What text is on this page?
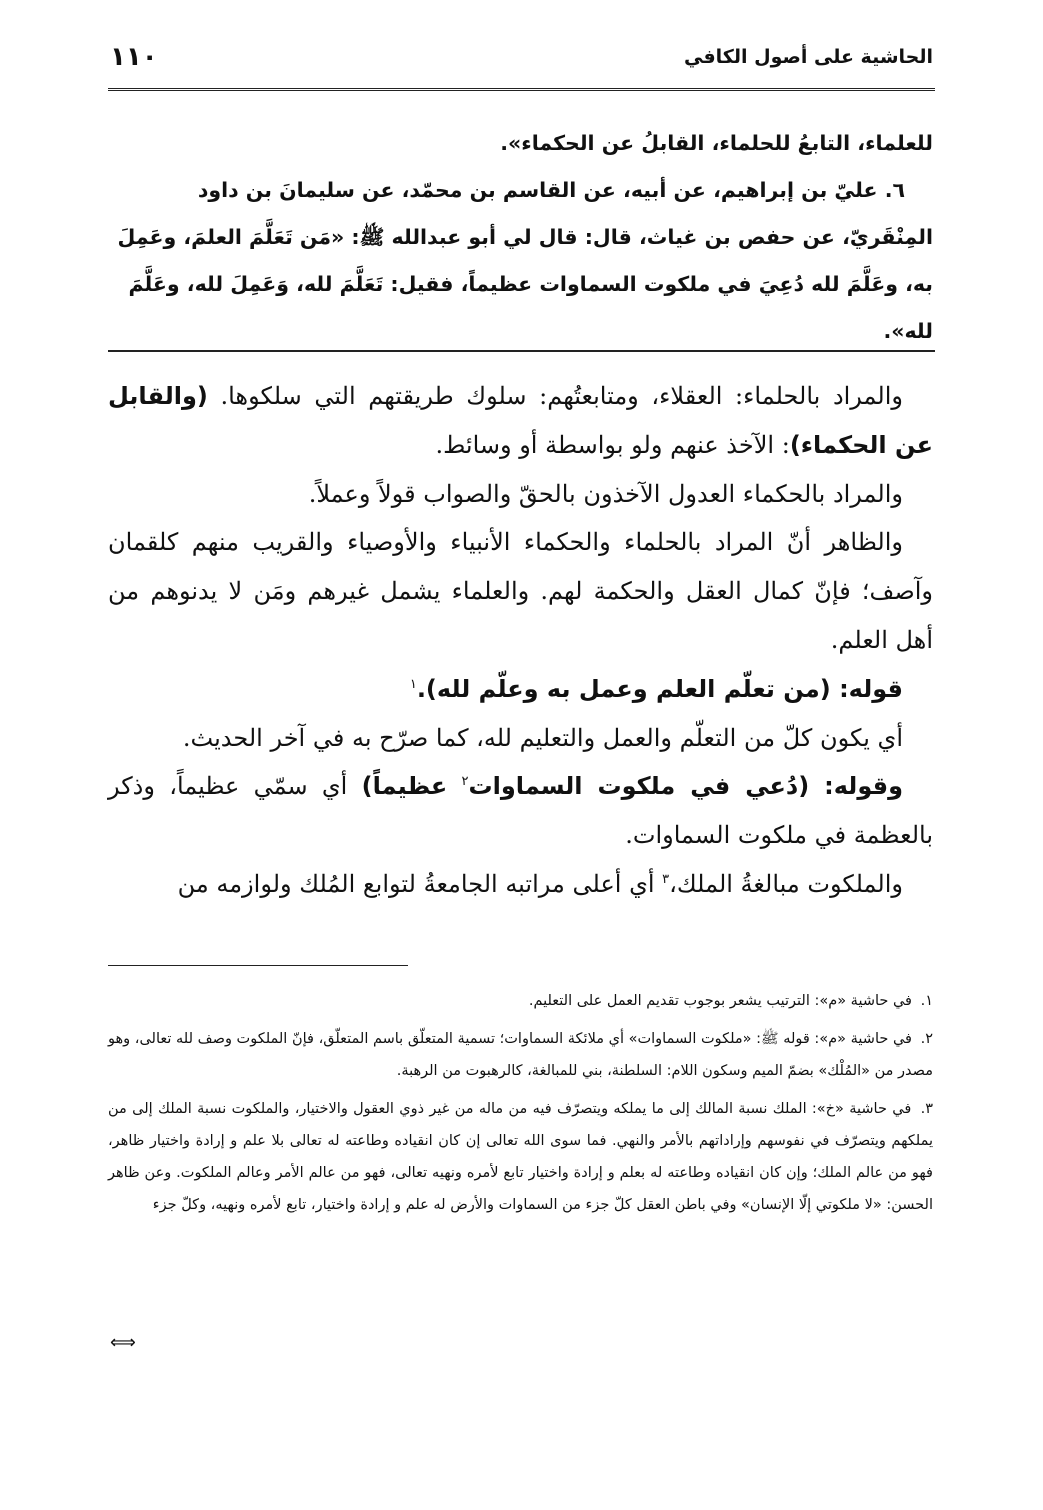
الحاشية على أصول الكافي
١١٠

للعلماء، التابعُ للحلماء، القابلُ عن الحكماء».

٦. عليّ بن إبراهيم، عن أبيه، عن القاسم بن محمّد، عن سليمانَ بن داود المِنْقَريّ، عن حفص بن غياث، قال: قال لي أبو عبدالله ﷺ: «مَن تَعَلَّمَ العلمَ، وعَمِلَ به، وعَلَّمَ لله دُعِيَ في ملكوت السماوات عظيماً، فقيل: تَعَلَّمَ لله، وَعَمِلَ لله، وعَلَّمَ لله».

والمراد بالحلماء: العقلاء، ومتابعتُهم: سلوك طريقتهم التي سلكوها. (والقابل عن الحكماء): الآخذ عنهم ولو بواسطة أو وسائط.

والمراد بالحكماء العدول الآخذون بالحقّ والصواب قولاً وعملاً.

والظاهر أنّ المراد بالحلماء والحكماء الأنبياء والأوصياء والقريب منهم كلقمان وآصف؛ فإنّ كمال العقل والحكمة لهم. والعلماء يشمل غيرهم ومَن لا يدنوهم من أهل العلم.

قوله: (من تعلّم العلم وعمل به وعلّم لله).$^١$

أي يكون كلّ من التعلّم والعمل والتعليم لله، كما صرّح به في آخر الحديث.

وقوله: (دُعي في ملكوت السماوات$^٢$ عظيماً) أي سمّي عظيماً، وذكر بالعظمة في ملكوت السماوات.

والملكوت مبالغةُ الملك،$^٣$ أي أعلى مراتبه الجامعةُ لتوابع المُلك ولوازمه من

١. في حاشية «م»: الترتيب يشعر بوجوب تقديم العمل على التعليم.

٢. في حاشية «م»: قوله ﷺ: «ملكوت السماوات» أي ملائكة السماوات؛ تسمية المتعلّق باسم المتعلّق، فإنّ الملكوت وصف لله تعالى، وهو مصدر من «المُلْك» بضمّ الميم وسكون اللام: السلطنة، بني للمبالغة، كالرهبوت من الرهبة.

٣. في حاشية «خ»: الملك نسبة المالك إلى ما يملكه ويتصرّف فيه من ماله من غير ذوي العقول والاختيار، والملكوت نسبة الملك إلى من يملكهم ويتصرّف في نفوسهم وإراداتهم بالأمر والنهي. فما سوى الله تعالى إن كان انقياده وطاعته له تعالى بلا علم و إرادة واختيار ظاهر، فهو من عالم الملك؛ وإن كان انقياده وطاعته له بعلم و إرادة واختيار تابع لأمره ونهيه تعالى، فهو من عالم الأمر وعالم الملكوت. وعن ظاهر الحسن: «لا ملكوتي إلّا الإنسان» وفي باطن العقل كلّ جزء من السماوات والأرض له علم و إرادة واختيار، تابع لأمره ونهيه، وكلّ جزء

⟺
